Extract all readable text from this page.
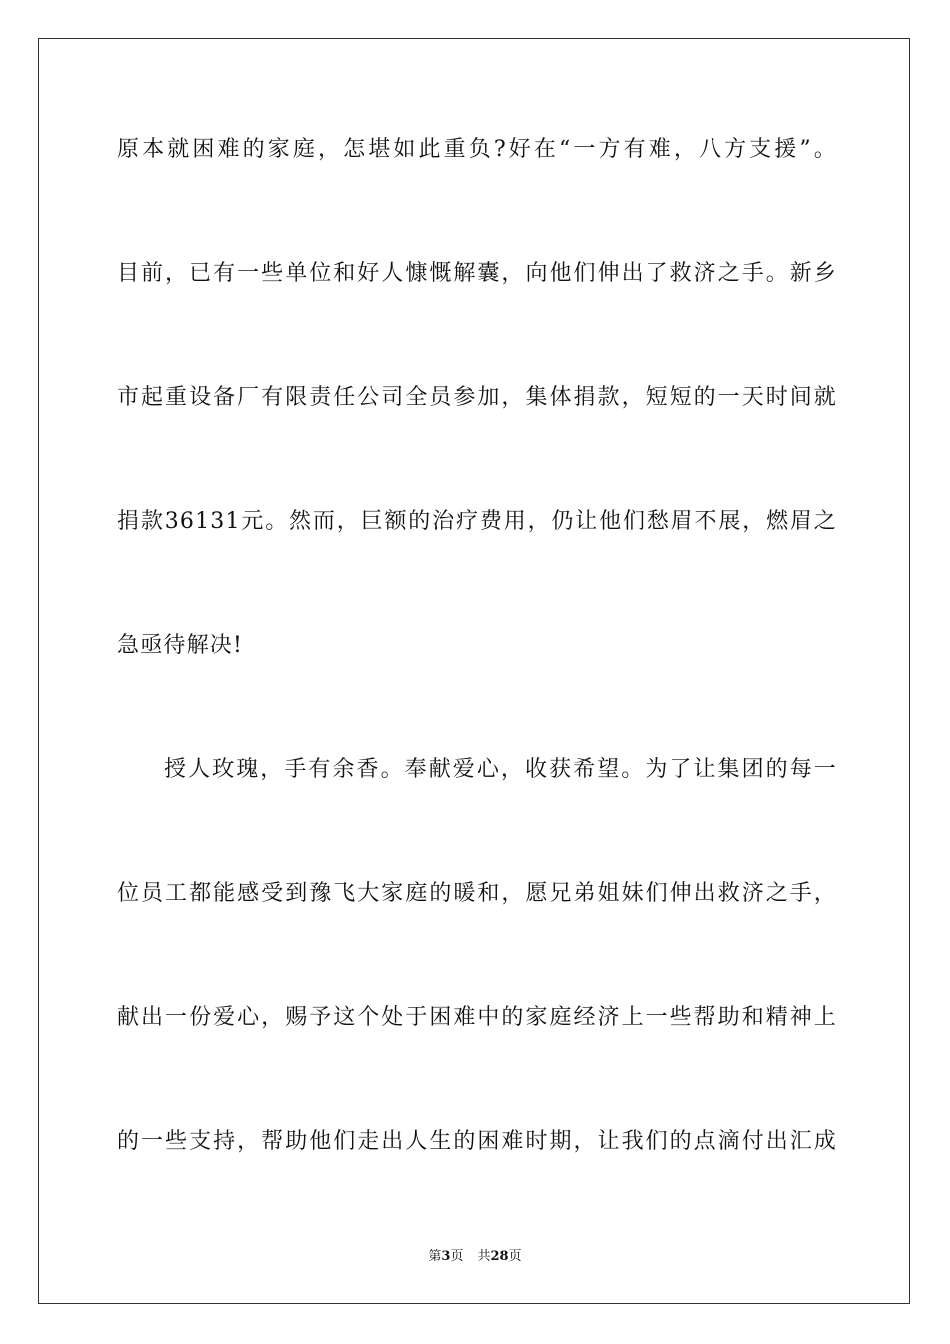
原本就困难的家庭，怎堪如此重负?好在“一方有难，八方支援”。
目前，已有一些单位和好人慷慨解囊，向他们伸出了救济之手。新乡
市起重设备厂有限责任公司全员参加，集体捐款，短短的一天时间就
捐款36131元。然而，巨额的治疗费用，仍让他们愁眉不展，燃眉之
急亟待解决!
授人玫瑰，手有余香。奉献爱心，收获希望。为了让集团的每一
位员工都能感受到豫飞大家庭的暖和，愿兄弟姐妹们伸出救济之手，
献出一份爱心，赐予这个处于困难中的家庭经济上一些帮助和精神上
的一些支持，帮助他们走出人生的困难时期，让我们的点滴付出汇成
第3页 共28页
